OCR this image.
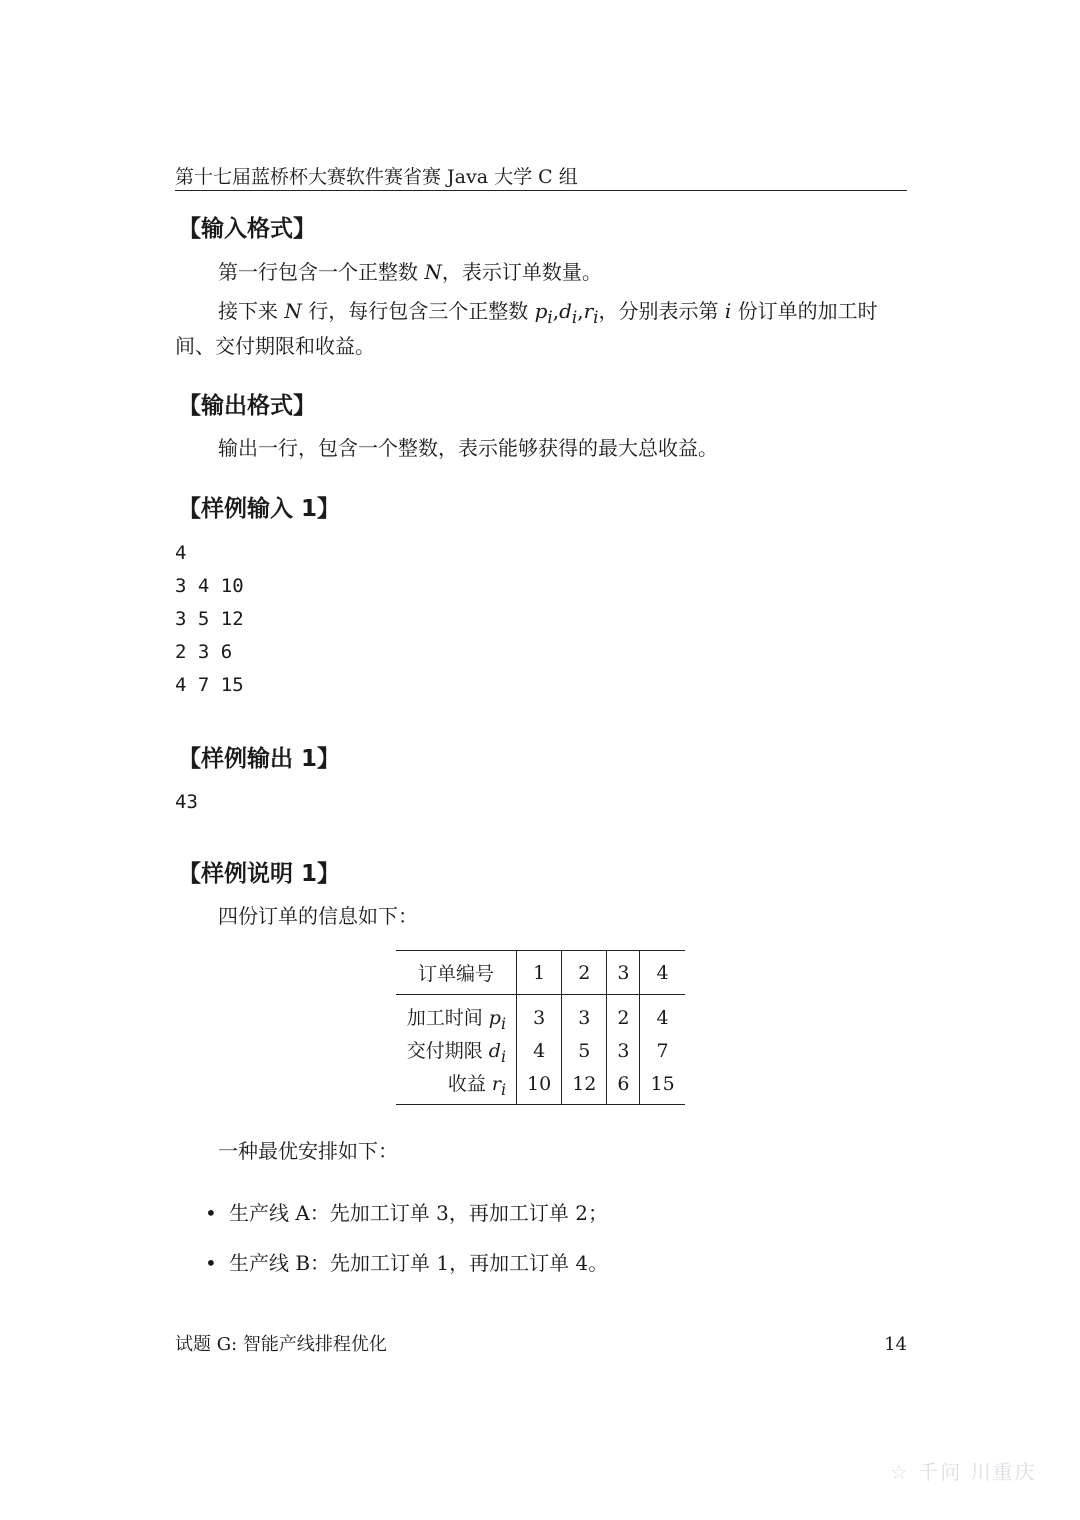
第十七届蓝桥杯大赛软件赛省赛 Java 大学 C 组
【输入格式】
第一行包含一个正整数 N，表示订单数量。
接下来 N 行，每行包含三个正整数 $p_i,d_i,r_i$，分别表示第 i 份订单的加工时
间、交付期限和收益。
【输出格式】
输出一行，包含一个整数，表示能够获得的最大总收益。
【样例输入 1】
4
3 4 10
3 5 12
2 3 6
4 7 15
【样例输出 1】
43
【样例说明 1】
四份订单的信息如下：
订单编号	1	2	3	4
加工时间 $p_i$	3	3	2	4
交付期限 $d_i$	4	5	3	7
收益 $r_i$	10	12	6	15
一种最优安排如下：
• 生产线 A：先加工订单 3，再加工订单 2；
• 生产线 B：先加工订单 1，再加工订单 4。
试题 G: 智能产线排程优化	14
☆ 千问 川重庆
